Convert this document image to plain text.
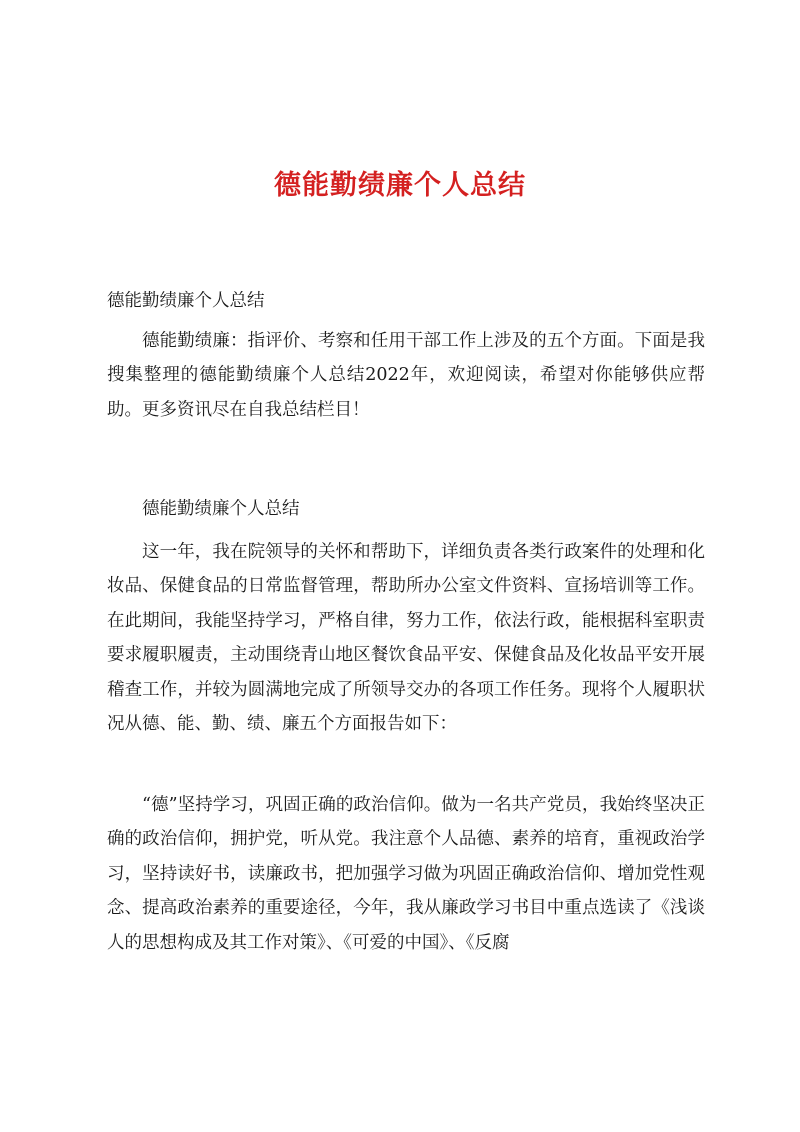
德能勤绩廉个人总结

德能勤绩廉个人总结

德能勤绩廉：指评价、考察和任用干部工作上涉及的五个方面。下面是我搜集整理的德能勤绩廉个人总结2022年，欢迎阅读，希望对你能够供应帮助。更多资讯尽在自我总结栏目！

德能勤绩廉个人总结

这一年，我在院领导的关怀和帮助下，详细负责各类行政案件的处理和化妆品、保健食品的日常监督管理，帮助所办公室文件资料、宣扬培训等工作。在此期间，我能坚持学习，严格自律，努力工作，依法行政，能根据科室职责要求履职履责，主动围绕青山地区餐饮食品平安、保健食品及化妆品平安开展稽查工作，并较为圆满地完成了所领导交办的各项工作任务。现将个人履职状况从德、能、勤、绩、廉五个方面报告如下：

“德”坚持学习，巩固正确的政治信仰。做为一名共产党员，我始终坚决正确的政治信仰，拥护党，听从党。我注意个人品德、素养的培育，重视政治学习，坚持读好书，读廉政书，把加强学习做为巩固正确政治信仰、增加党性观念、提高政治素养的重要途径，今年，我从廉政学习书目中重点选读了《浅谈人的思想构成及其工作对策》、《可爱的中国》、《反腐
